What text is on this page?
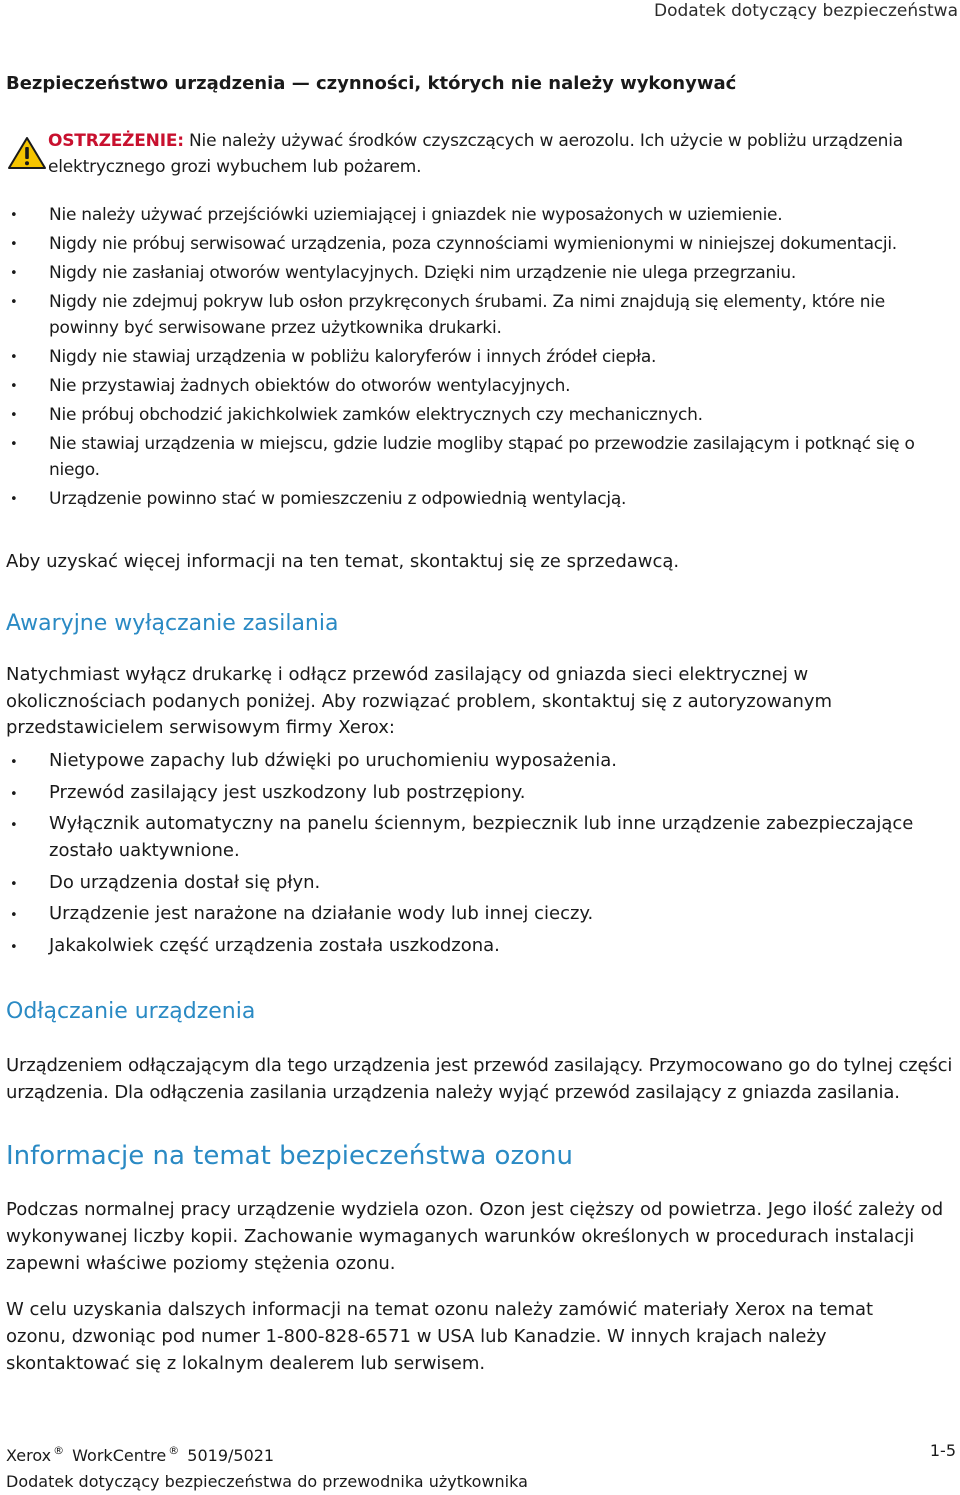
Dodatek dotyczący bezpieczeństwa
Bezpieczeństwo urządzenia — czynności, których nie należy wykonywać
OSTRZEŻENIE: Nie należy używać środków czyszczących w aerozolu. Ich użycie w pobliżu urządzenia elektrycznego grozi wybuchem lub pożarem.
• Nie należy używać przejściówki uziemiającej i gniazdek nie wyposażonych w uziemienie.
• Nigdy nie próbuj serwisować urządzenia, poza czynnościami wymienionymi w niniejszej dokumentacji.
• Nigdy nie zasłaniaj otworów wentylacyjnych. Dzięki nim urządzenie nie ulega przegrzaniu.
• Nigdy nie zdejmuj pokryw lub osłon przykręconych śrubami. Za nimi znajdują się elementy, które nie powinny być serwisowane przez użytkownika drukarki.
• Nigdy nie stawiaj urządzenia w pobliżu kaloryferów i innych źródeł ciepła.
• Nie przystawiaj żadnych obiektów do otworów wentylacyjnych.
• Nie próbuj obchodzić jakichkolwiek zamków elektrycznych czy mechanicznych.
• Nie stawiaj urządzenia w miejscu, gdzie ludzie mogliby stąpać po przewodzie zasilającym i potknąć się o niego.
• Urządzenie powinno stać w pomieszczeniu z odpowiednią wentylacją.
Aby uzyskać więcej informacji na ten temat, skontaktuj się ze sprzedawcą.
Awaryjne wyłączanie zasilania
Natychmiast wyłącz drukarkę i odłącz przewód zasilający od gniazda sieci elektrycznej w okolicznościach podanych poniżej. Aby rozwiązać problem, skontaktuj się z autoryzowanym przedstawicielem serwisowym firmy Xerox:
• Nietypowe zapachy lub dźwięki po uruchomieniu wyposażenia.
• Przewód zasilający jest uszkodzony lub postrzępiony.
• Wyłącznik automatyczny na panelu ściennym, bezpiecznik lub inne urządzenie zabezpieczające zostało uaktywnione.
• Do urządzenia dostał się płyn.
• Urządzenie jest narażone na działanie wody lub innej cieczy.
• Jakakolwiek część urządzenia została uszkodzona.
Odłączanie urządzenia
Urządzeniem odłączającym dla tego urządzenia jest przewód zasilający. Przymocowano go do tylnej części urządzenia. Dla odłączenia zasilania urządzenia należy wyjąć przewód zasilający z gniazda zasilania.
Informacje na temat bezpieczeństwa ozonu
Podczas normalnej pracy urządzenie wydziela ozon. Ozon jest cięższy od powietrza. Jego ilość zależy od wykonywanej liczby kopii. Zachowanie wymaganych warunków określonych w procedurach instalacji zapewni właściwe poziomy stężenia ozonu.
W celu uzyskania dalszych informacji na temat ozonu należy zamówić materiały Xerox na temat ozonu, dzwoniąc pod numer 1-800-828-6571 w USA lub Kanadzie. W innych krajach należy skontaktować się z lokalnym dealerem lub serwisem.
Xerox ® WorkCentre ® 5019/5021
Dodatek dotyczący bezpieczeństwa do przewodnika użytkownika
1-5
